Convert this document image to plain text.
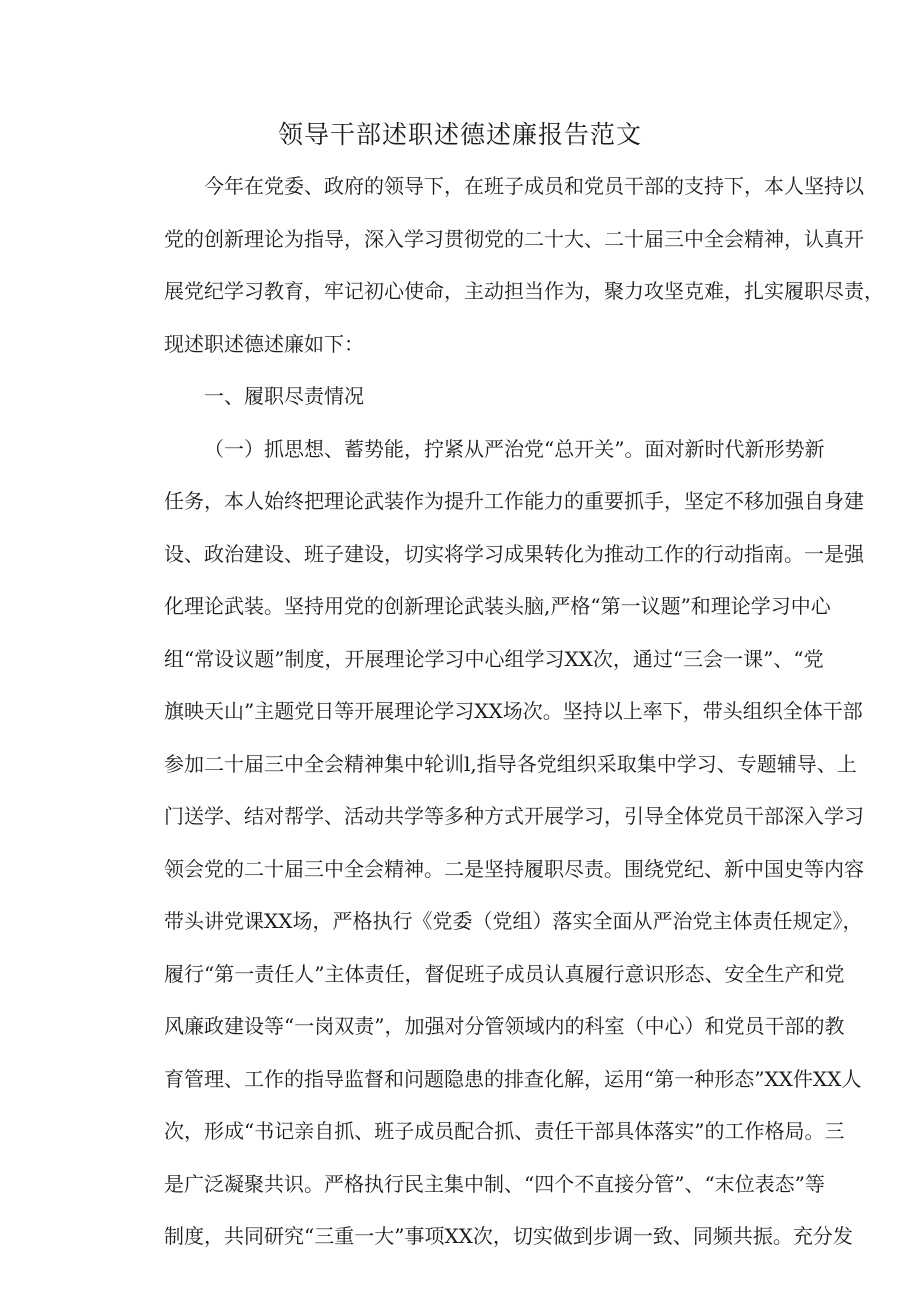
领导干部述职述德述廉报告范文
今年在党委、政府的领导下，在班子成员和党员干部的支持下，本人坚持以
党的创新理论为指导，深入学习贯彻党的二十大、二十届三中全会精神，认真开
展党纪学习教育，牢记初心使命，主动担当作为，聚力攻坚克难，扎实履职尽责，
现述职述德述廉如下：
一、履职尽责情况
（一）抓思想、蓄势能，拧紧从严治党“总开关”。面对新时代新形势新
任务，本人始终把理论武装作为提升工作能力的重要抓手，坚定不移加强自身建
设、政治建设、班子建设，切实将学习成果转化为推动工作的行动指南。一是强
化理论武装。坚持用党的创新理论武装头脑,严格“第一议题”和理论学习中心
组“常设议题”制度，开展理论学习中心组学习XX次，通过“三会一课”、“党
旗映天山”主题党日等开展理论学习XX场次。坚持以上率下，带头组织全体干部
参加二十届三中全会精神集中轮训l,指导各党组织采取集中学习、专题辅导、上
门送学、结对帮学、活动共学等多种方式开展学习，引导全体党员干部深入学习
领会党的二十届三中全会精神。二是坚持履职尽责。围绕党纪、新中国史等内容
带头讲党课XX场，严格执行《党委（党组）落实全面从严治党主体责任规定》，
履行“第一责任人”主体责任，督促班子成员认真履行意识形态、安全生产和党
风廉政建设等“一岗双责”，加强对分管领域内的科室（中心）和党员干部的教
育管理、工作的指导监督和问题隐患的排查化解，运用“第一种形态”XX件XX人
次，形成“书记亲自抓、班子成员配合抓、责任干部具体落实”的工作格局。三
是广泛凝聚共识。严格执行民主集中制、“四个不直接分管”、“末位表态”等
制度，共同研究“三重一大”事项XX次，切实做到步调一致、同频共振。充分发
